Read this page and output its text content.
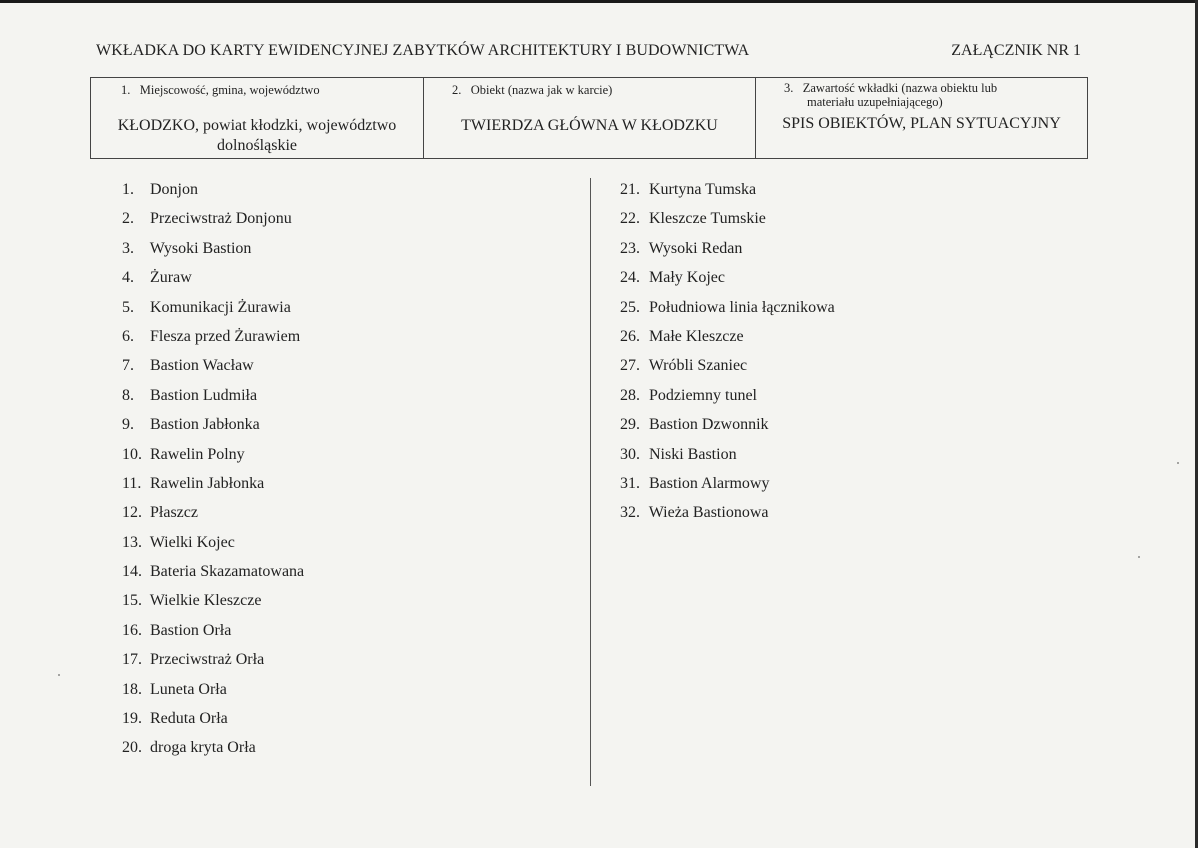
WKŁADKA DO KARTY EWIDENCYJNEJ ZABYTKÓW ARCHITEKTURY I BUDOWNICTWA	ZAŁĄCZNIK NR 1
1. Miejscowość, gmina, województwo
KŁODZKO, powiat kłodzki, województwo
dolnośląskie
2. Obiekt (nazwa jak w karcie)
TWIERDZA GŁÓWNA W KŁODZKU
3. Zawartość wkładki (nazwa obiektu lub
materiału uzupełniającego)
SPIS OBIEKTÓW, PLAN SYTUACYJNY
1. Donjon
2. Przeciwstraż Donjonu
3. Wysoki Bastion
4. Żuraw
5. Komunikacji Żurawia
6. Flesza przed Żurawiem
7. Bastion Wacław
8. Bastion Ludmiła
9. Bastion Jabłonka
10. Rawelin Polny
11. Rawelin Jabłonka
12. Płaszcz
13. Wielki Kojec
14. Bateria Skazamatowana
15. Wielkie Kleszcze
16. Bastion Orła
17. Przeciwstraż Orła
18. Luneta Orła
19. Reduta Orła
20. droga kryta Orła
21. Kurtyna Tumska
22. Kleszcze Tumskie
23. Wysoki Redan
24. Mały Kojec
25. Południowa linia łącznikowa
26. Małe Kleszcze
27. Wróbli Szaniec
28. Podziemny tunel
29. Bastion Dzwonnik
30. Niski Bastion
31. Bastion Alarmowy
32. Wieża Bastionowa
